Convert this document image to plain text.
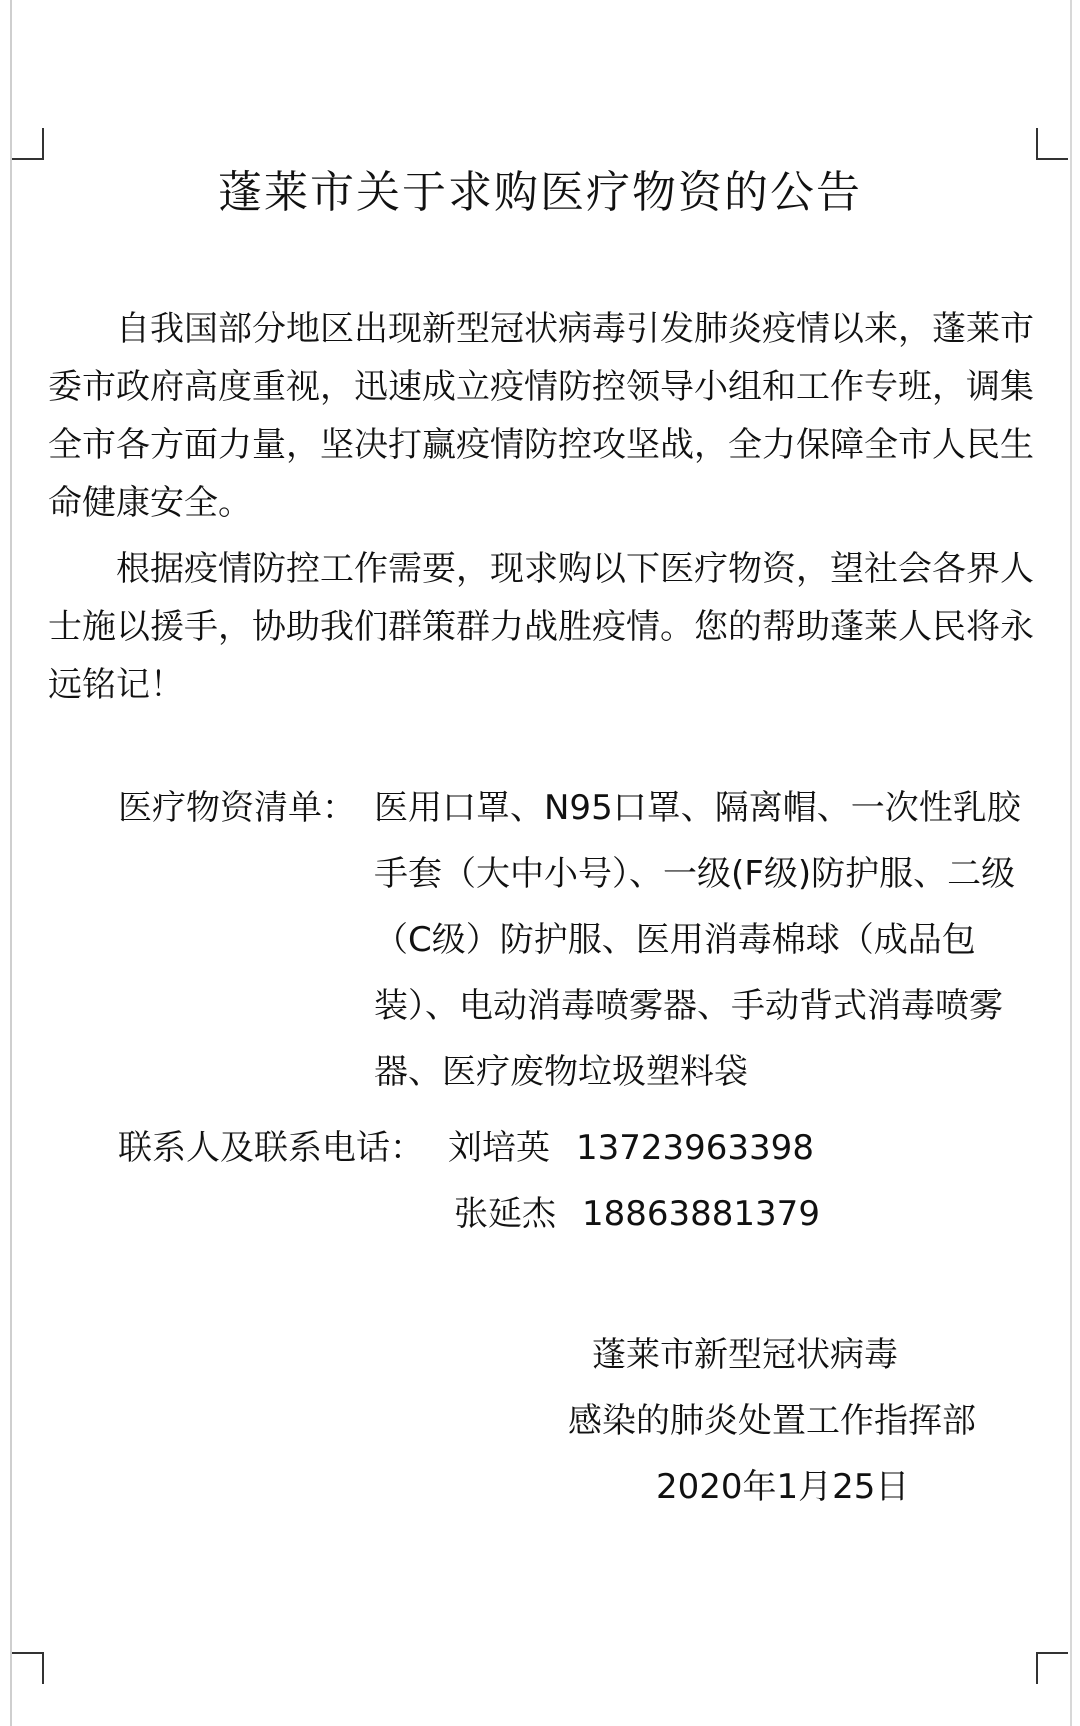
蓬莱市关于求购医疗物资的公告

自我国部分地区出现新型冠状病毒引发肺炎疫情以来，蓬莱市委市政府高度重视，迅速成立疫情防控领导小组和工作专班，调集全市各方面力量，坚决打赢疫情防控攻坚战，全力保障全市人民生命健康安全。

根据疫情防控工作需要，现求购以下医疗物资，望社会各界人士施以援手，协助我们群策群力战胜疫情。您的帮助蓬莱人民将永远铭记！

医疗物资清单： 医用口罩、N95口罩、隔离帽、一次性乳胶手套（大中小号）、一级(F级)防护服、二级（C级）防护服、医用消毒棉球（成品包装）、电动消毒喷雾器、手动背式消毒喷雾器、医疗废物垃圾塑料袋
联系人及联系电话： 刘培英 13723963398
张延杰 18863881379
蓬莱市新型冠状病毒
感染的肺炎处置工作指挥部
2020年1月25日
